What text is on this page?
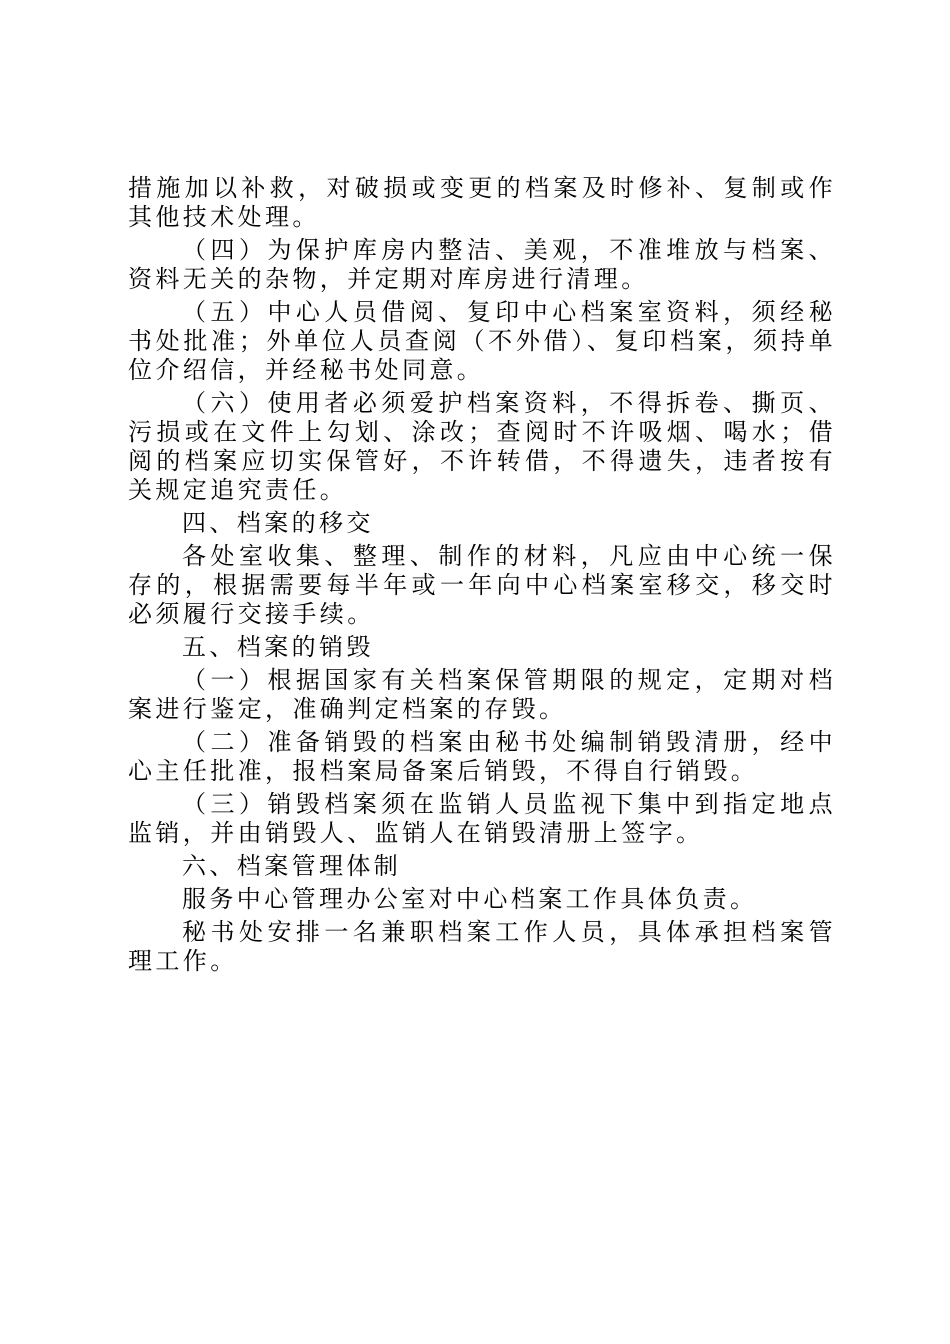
措施加以补救，对破损或变更的档案及时修补、复制或作其他技术处理。

（四）为保护库房内整洁、美观，不准堆放与档案、资料无关的杂物，并定期对库房进行清理。

（五）中心人员借阅、复印中心档案室资料，须经秘书处批准；外单位人员查阅（不外借）、复印档案，须持单位介绍信，并经秘书处同意。

（六）使用者必须爱护档案资料，不得拆卷、撕页、污损或在文件上勾划、涂改；查阅时不许吸烟、喝水；借阅的档案应切实保管好，不许转借，不得遗失，违者按有关规定追究责任。

四、档案的移交

各处室收集、整理、制作的材料，凡应由中心统一保存的，根据需要每半年或一年向中心档案室移交，移交时必须履行交接手续。

五、档案的销毁

（一）根据国家有关档案保管期限的规定，定期对档案进行鉴定，准确判定档案的存毁。

（二）准备销毁的档案由秘书处编制销毁清册，经中心主任批准，报档案局备案后销毁，不得自行销毁。

（三）销毁档案须在监销人员监视下集中到指定地点监销，并由销毁人、监销人在销毁清册上签字。

六、档案管理体制

服务中心管理办公室对中心档案工作具体负责。

秘书处安排一名兼职档案工作人员，具体承担档案管理工作。
